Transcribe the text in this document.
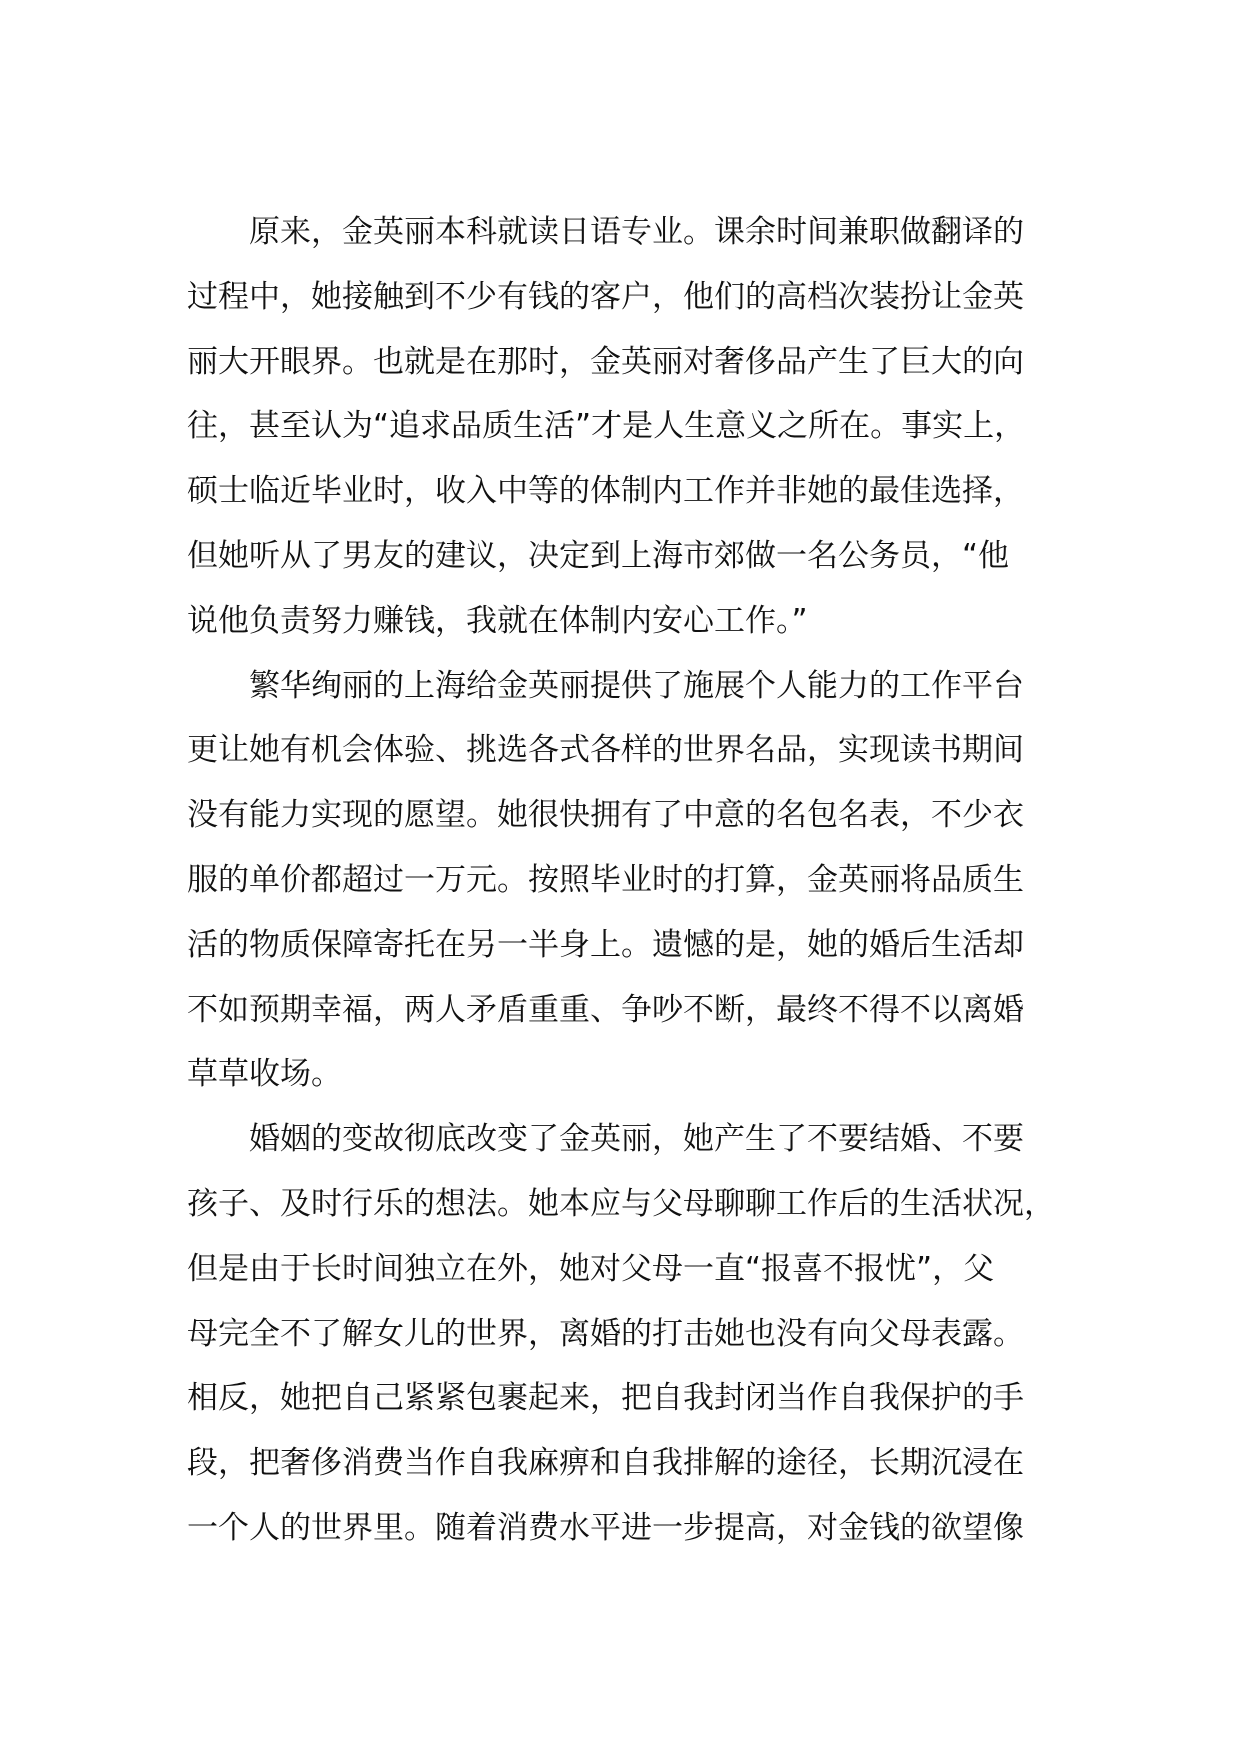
　　原来，金英丽本科就读日语专业。课余时间兼职做翻译的
过程中，她接触到不少有钱的客户，他们的高档次装扮让金英
丽大开眼界。也就是在那时，金英丽对奢侈品产生了巨大的向
往，甚至认为“追求品质生活”才是人生意义之所在。事实上，
硕士临近毕业时，收入中等的体制内工作并非她的最佳选择，
但她听从了男友的建议，决定到上海市郊做一名公务员，“他
说他负责努力赚钱，我就在体制内安心工作。”
　　繁华绚丽的上海给金英丽提供了施展个人能力的工作平台
更让她有机会体验、挑选各式各样的世界名品，实现读书期间
没有能力实现的愿望。她很快拥有了中意的名包名表，不少衣
服的单价都超过一万元。按照毕业时的打算，金英丽将品质生
活的物质保障寄托在另一半身上。遗憾的是，她的婚后生活却
不如预期幸福，两人矛盾重重、争吵不断，最终不得不以离婚
草草收场。
　　婚姻的变故彻底改变了金英丽，她产生了不要结婚、不要
孩子、及时行乐的想法。她本应与父母聊聊工作后的生活状况，
但是由于长时间独立在外，她对父母一直“报喜不报忧”，父
母完全不了解女儿的世界，离婚的打击她也没有向父母表露。
相反，她把自己紧紧包裹起来，把自我封闭当作自我保护的手
段，把奢侈消费当作自我麻痹和自我排解的途径，长期沉浸在
一个人的世界里。随着消费水平进一步提高，对金钱的欲望像
